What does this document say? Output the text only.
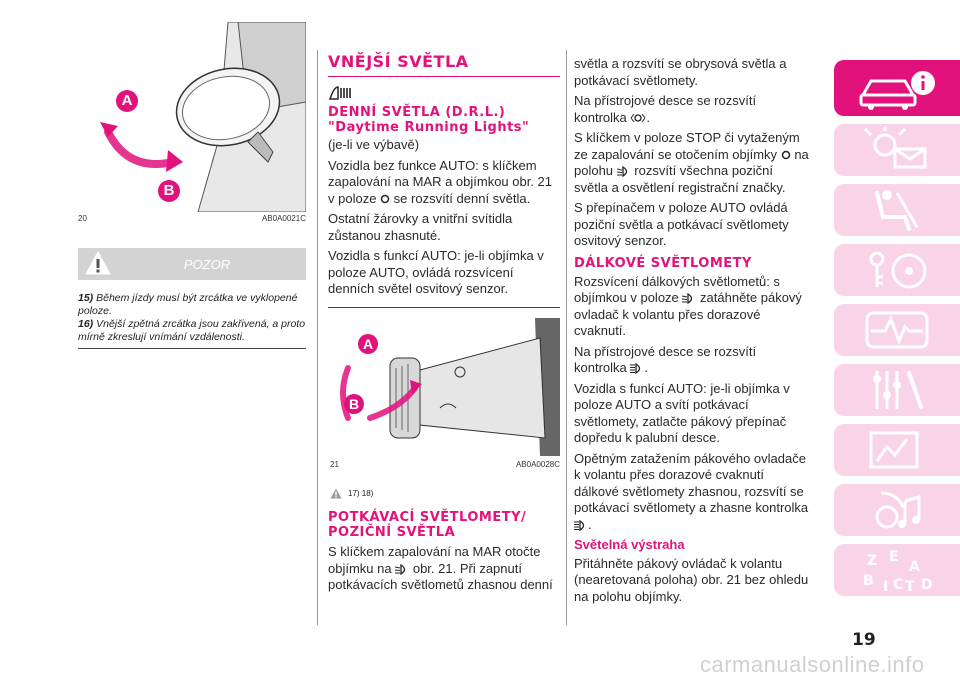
A
B
20	AB0A0021C
POZOR
15) Během jízdy musí být zrcátka ve vyklopené poloze.
16) Vnější zpětná zrcátka jsou zakřivená, a proto mírně zkreslují vnímání vzdálenosti.
VNĚJŠÍ SVĚTLA
DENNÍ SVĚTLA (D.R.L.) "Daytime Running Lights"

(je-li ve výbavě)

Vozidla bez funkce AUTO: s klíčkem zapalování na MAR a objímkou obr. 21 v poloze se rozsvítí denní světla.

Ostatní žárovky a vnitřní svítidla zůstanou zhasnuté.

Vozidla s funkcí AUTO: je-li objímka v poloze AUTO, ovládá rozsvícení denních světel osvitový senzor.

A
B
21	AB0A0028C
17) 18)
POTKÁVACÍ SVĚTLOMETY/ POZIČNÍ SVĚTLA

S klíčkem zapalování na MAR otočte objímku na obr. 21. Při zapnutí potkávacích světlometů zhasnou denní

světla a rozsvítí se obrysová světla a potkávací světlomety.

Na přístrojové desce se rozsvítí kontrolka .

S klíčkem v poloze STOP či vytaženým ze zapalování se otočením objímky na polohu rozsvítí všechna poziční světla a osvětlení registrační značky.

S přepínačem v poloze AUTO ovládá poziční světla a potkávací světlomety osvitový senzor.

DÁLKOVÉ SVĚTLOMETY

Rozsvícení dálkových světlometů: s objímkou v poloze zatáhněte pákový ovladač k volantu přes dorazové cvaknutí.

Na přístrojové desce se rozsvítí kontrolka .

Vozidla s funkcí AUTO: je-li objímka v poloze AUTO a svítí potkávací světlomety, zatlačte pákový přepínač dopředu k palubní desce.

Opětným zatažením pákového ovladače k volantu přes dorazové cvaknutí dálkové světlomety zhasnou, rozsvítí se potkávací světlomety a zhasne kontrolka .

Světelná výstraha

Přitáhněte pákový ovládač k volantu (nearetovaná poloha) obr. 21 bez ohledu na polohu objímky.

Z E
A
B I C T D
19
carmanualsonline.info
